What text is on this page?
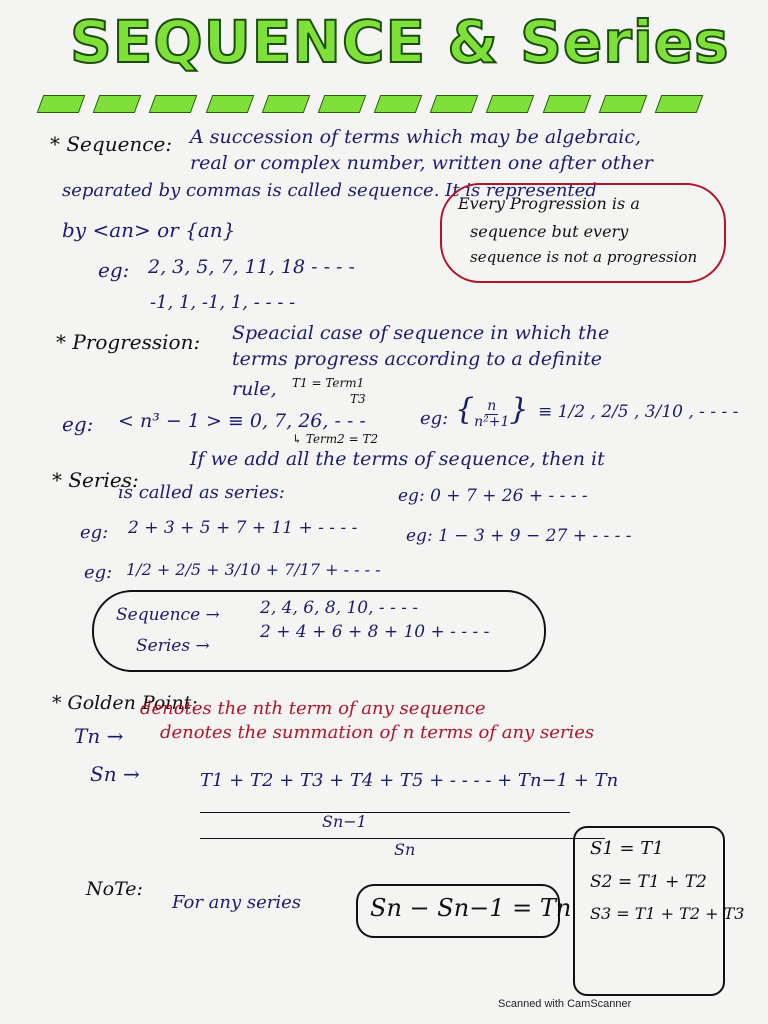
SEQUENCE & Series
* Sequence: A succession of terms which may be algebraic,
real or complex number, written one after other
separated by commas is called sequence. It is represented
by <an> or {an}
eg: 2, 3, 5, 7, 11, 18 - - - -
-1, 1, -1, 1, - - - -
Every Progression is a
sequence but every
sequence is not a progression
* Progression: Speacial case of sequence in which the
terms progress according to a definite
rule, T1 = Term1
T3
eg: < n³ − 1 > ≡ 0, 7, 26, - - -
↳ Term2 = T2
eg: { $\frac{n}{\text{n²+1}}$ } ≡ 1/2 , 2/5 , 3/10 , - - - -
* Series:
If we add all the terms of sequence, then it
is called as series:
eg: 2 + 3 + 5 + 7 + 11 + - - - -
eg: 0 + 7 + 26 + - - - -
eg: 1 − 3 + 9 − 27 + - - - -
eg: 1/2 + 2/5 + 3/10 + 7/17 + - - - -
Sequence → 2, 4, 6, 8, 10, - - - -
Series →
2 + 4 + 6 + 8 + 10 + - - - -
* Golden Point:
Tn →
denotes the nth term of any sequence
Sn →
denotes the summation of n terms of any series
T1 + T2 + T3 + T4 + T5 + - - - - + Tn−1 + Tn
Sn−1
Sn
NoTe:
For any series	Sn − Sn−1 = Tn
S1 = T1
S2 = T1 + T2
S3 = T1 + T2 + T3
Scanned with CamScanner
